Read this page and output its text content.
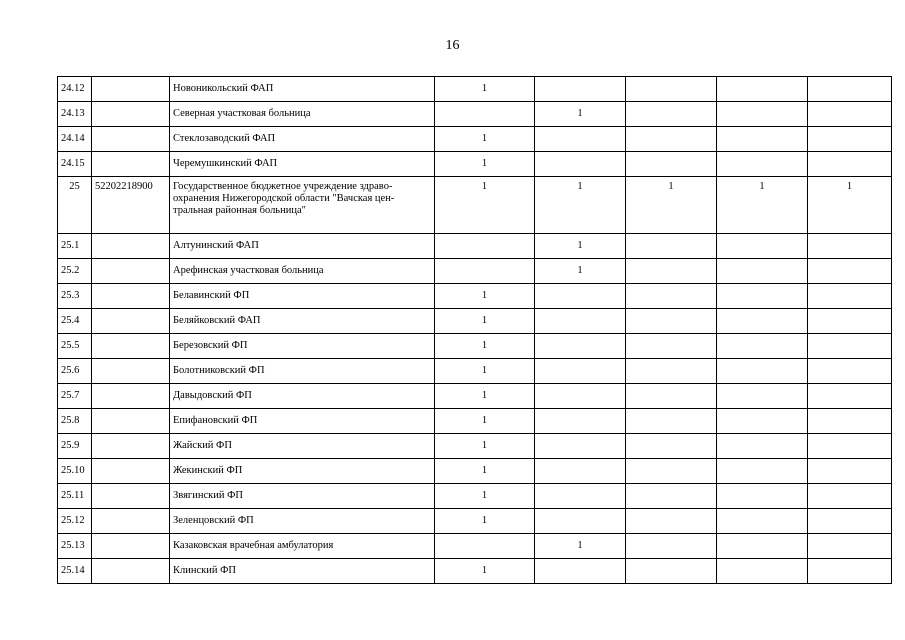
16
24.12		Новоникольский ФАП	1				
24.13		Северная участковая больница		1			
24.14		Стеклозаводский ФАП	1				
24.15		Черемушкинский ФАП	1				
25	52202218900	Государственное бюджетное учреждение здраво-охранения Нижегородской области "Вачская цен-тральная районная больница"	1	1	1	1	1
25.1		Алтунинский ФАП		1			
25.2		Арефинская участковая больница		1			
25.3		Белавинский ФП	1				
25.4		Беляйковский ФАП	1				
25.5		Березовский ФП	1				
25.6		Болотниковский ФП	1				
25.7		Давыдовский ФП	1				
25.8		Епифановский ФП	1				
25.9		Жайский ФП	1				
25.10		Жекинский ФП	1				
25.11		Звягинский ФП	1				
25.12		Зеленцовский ФП	1				
25.13		Казаковская врачебная амбулатория		1			
25.14		Клинский ФП	1				
